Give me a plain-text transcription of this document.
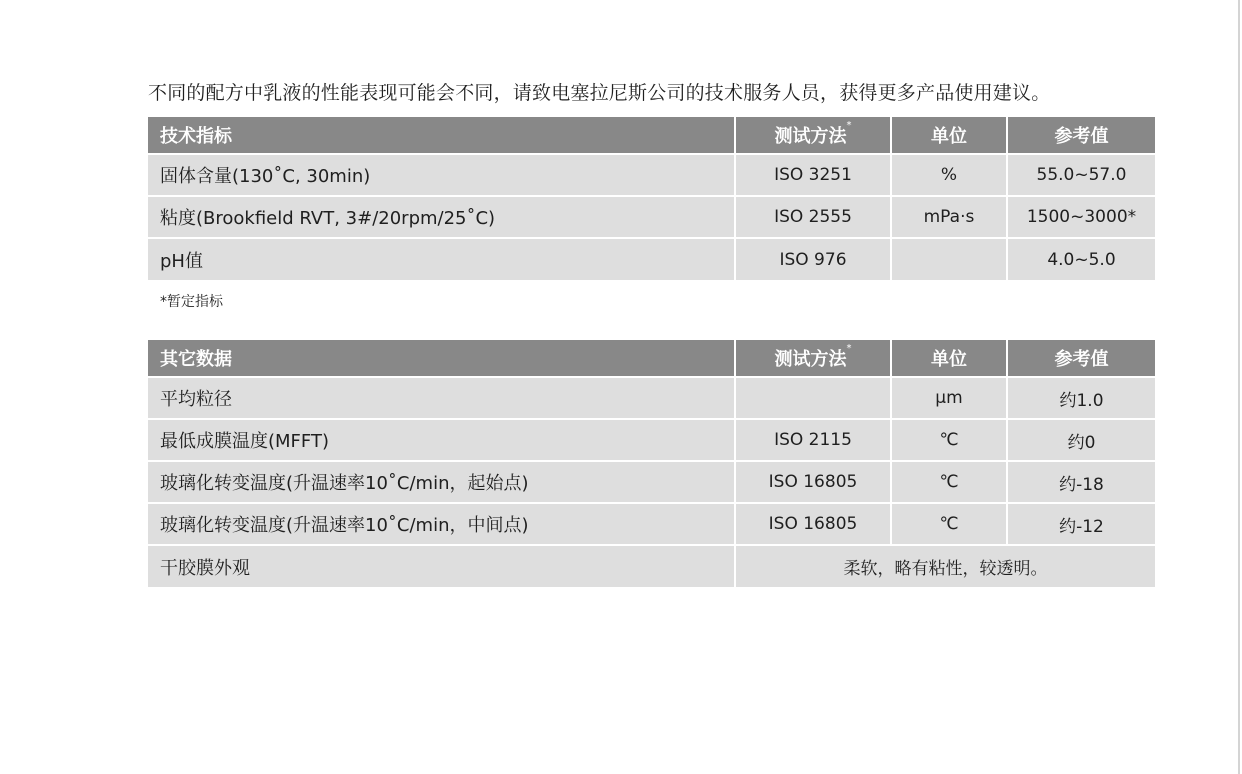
不同的配方中乳液的性能表现可能会不同，请致电塞拉尼斯公司的技术服务人员，获得更多产品使用建议。
技术指标	测试方法*	单位	参考值
固体含量(130˚C, 30min)	ISO 3251	%	55.0~57.0
粘度(Brookfield RVT, 3#/20rpm/25˚C)	ISO 2555	mPa·s	1500~3000*
pH值	ISO 976		4.0~5.0
*暂定指标
其它数据	测试方法*	单位	参考值
平均粒径		μm	约1.0
最低成膜温度(MFFT)	ISO 2115	℃	约0
玻璃化转变温度(升温速率10˚C/min，起始点)	ISO 16805	℃	约-18
玻璃化转变温度(升温速率10˚C/min，中间点)	ISO 16805	℃	约-12
干胶膜外观	柔软，略有粘性，较透明。		
